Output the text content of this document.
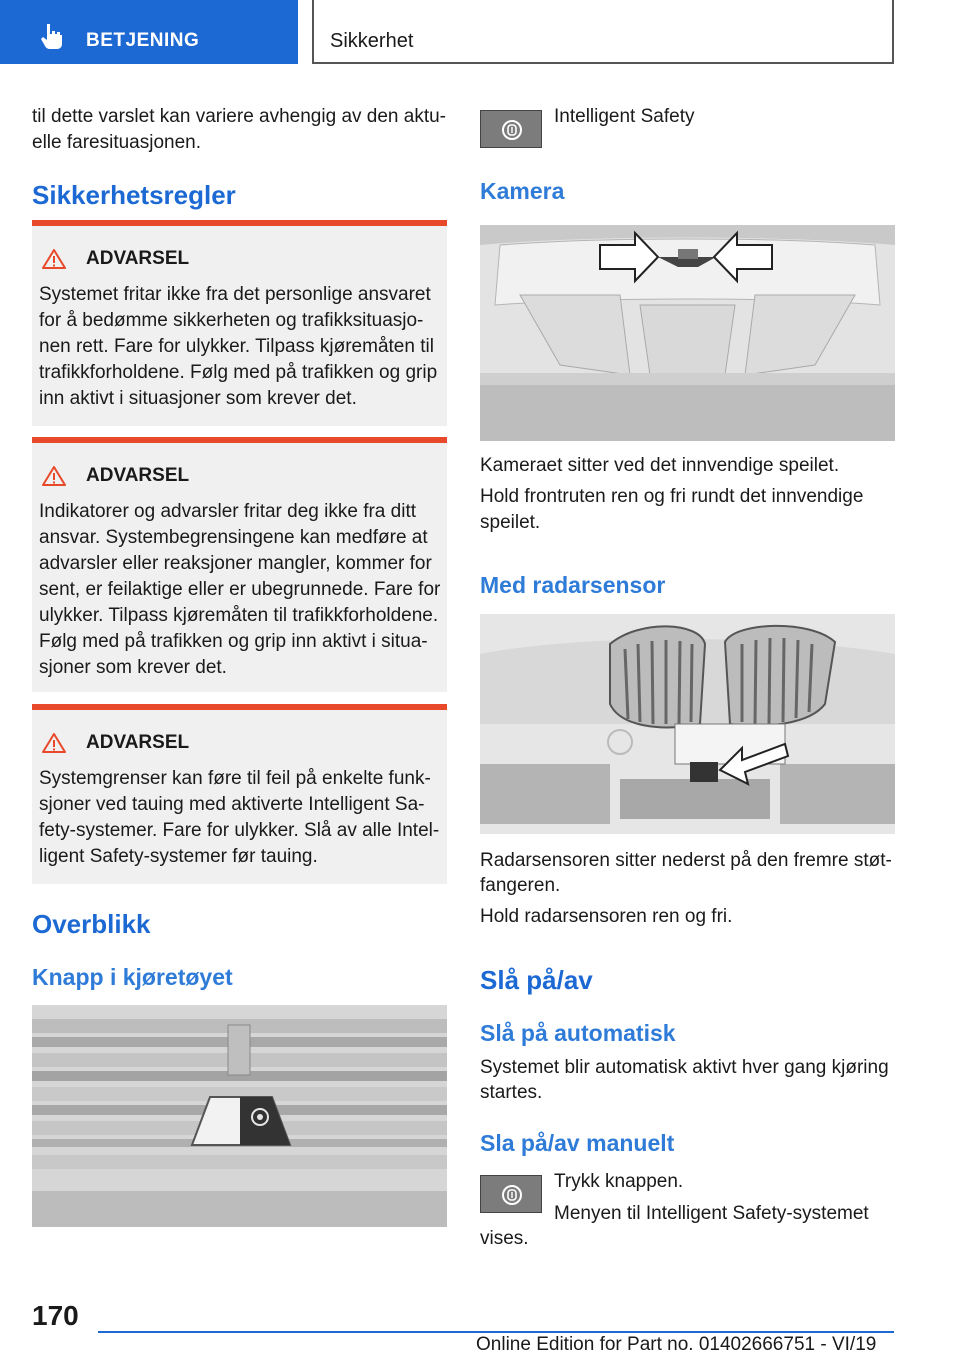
BETJENING	Sikkerhet
til dette varslet kan variere avhengig av den aktu-
elle faresituasjonen.
Sikkerhetsregler
ADVARSEL
Systemet fritar ikke fra det personlige ansvaret
for å bedømme sikkerheten og trafikksituasjo-
nen rett. Fare for ulykker. Tilpass kjøremåten til
trafikkforholdene. Følg med på trafikken og grip
inn aktivt i situasjoner som krever det.
ADVARSEL
Indikatorer og advarsler fritar deg ikke fra ditt
ansvar. Systembegrensingene kan medføre at
advarsler eller reaksjoner mangler, kommer for
sent, er feilaktige eller er ubegrunnede. Fare for
ulykker. Tilpass kjøremåten til trafikkforholdene.
Følg med på trafikken og grip inn aktivt i situa-
sjoner som krever det.
ADVARSEL
Systemgrenser kan føre til feil på enkelte funk-
sjoner ved tauing med aktiverte Intelligent Sa-
fety-systemer. Fare for ulykker. Slå av alle Intel-
ligent Safety-systemer før tauing.
Overblikk
Knapp i kjøretøyet
Intelligent Safety
Kamera
Kameraet sitter ved det innvendige speilet.
Hold frontruten ren og fri rundt det innvendige
speilet.
Med radarsensor
Radarsensoren sitter nederst på den fremre støt-
fangeren.
Hold radarsensoren ren og fri.
Slå på/av
Slå på automatisk
Systemet blir automatisk aktivt hver gang kjøring
startes.
Sla på/av manuelt
Trykk knappen.
Menyen til Intelligent Safety-systemet
vises.
170
Online Edition for Part no. 01402666751 - VI/19
